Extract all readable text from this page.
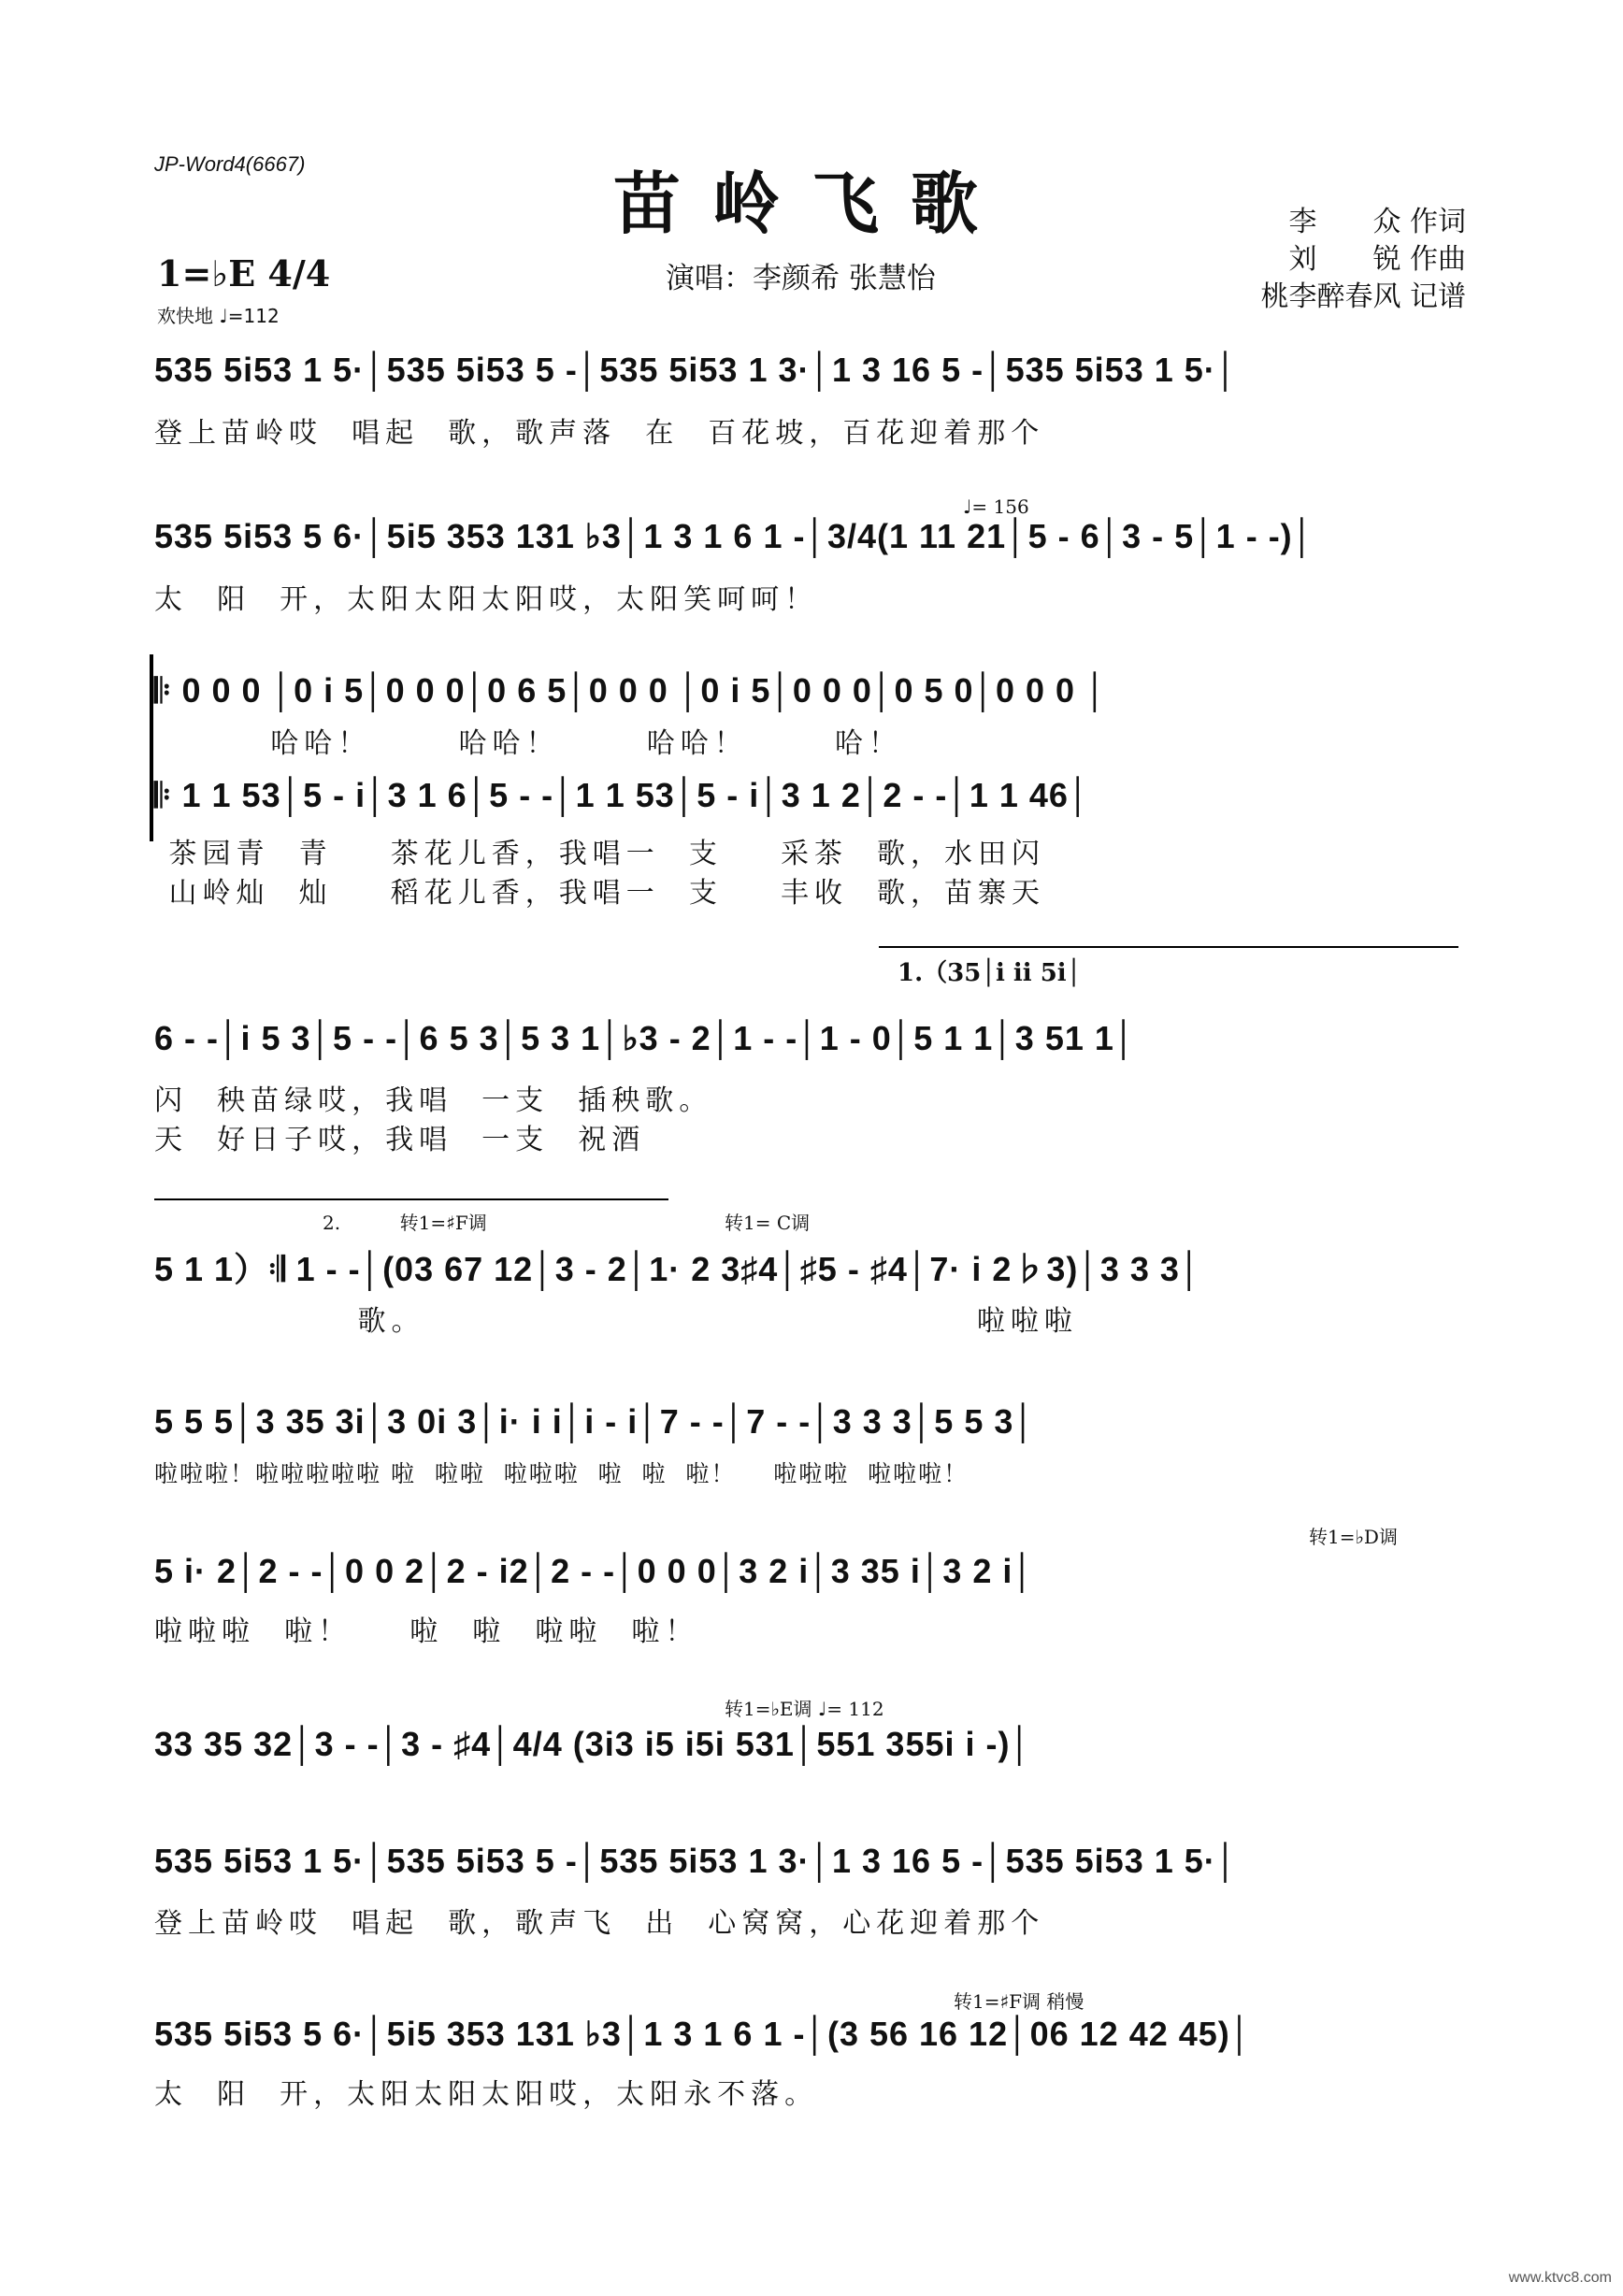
JP-Word4(6667)	苗岭飞歌	李　　众 作词
刘　　锐 作曲
桃李醉春风 记谱
演唱：李颜希 张慧怡
1=♭E 4/4
欢快地 ♩=112
535 5i53 1 5·│535 5i53 5 -│535 5i53 1 3·│1 3 16 5 -│535 5i53 1 5·│
登上苗岭哎  唱起  歌，歌声落  在  百花坡，百花迎着那个
♩= 156
535 5i53 5 6·│5i5 353 131 ♭3│1 3 1 6 1 -│3/4(1 11 21│5 - 6│3 - 5│1 - -)│
太  阳  开，太阳太阳太阳哎，太阳笑呵呵！
𝄆 0 0 0 │0 i 5│0 0 0│0 6 5│0 0 0 │0 i 5│0 0 0│0 5 0│0 0 0 │
哈哈！      哈哈！      哈哈！      哈！
𝄆 1 1 53│5 - i│3 1 6│5 - -│1 1 53│5 - i│3 1 2│2 - -│1 1 46│
茶园青  青    茶花儿香，我唱一  支    采茶  歌，水田闪
山岭灿  灿    稻花儿香，我唱一  支    丰收  歌，苗寨天
1.（35│i ii 5i│
6 - -│i 5 3│5 - -│6 5 3│5 3 1│♭3 - 2│1 - -│1 - 0│5 1 1│3 51 1│
闪  秧苗绿哎，我唱  一支  插秧歌。
天  好日子哎，我唱  一支  祝酒
2.          转1=♯F调                                        转1= C调
5 1 1）𝄇 1 - -│(03 67 12│3 - 2│1· 2 3♯4│♯5 - ♯4│7· i 2♭3)│3 3 3│
歌。                                      啦啦啦
5 5 5│3 35 3i│3 0i 3│i· i i│i - i│7 - -│7 - -│3 3 3│5 5 3│
啦啦啦！啦啦啦啦啦 啦  啦啦  啦啦啦  啦  啦  啦！    啦啦啦  啦啦啦！
转1=♭D调
5 i· 2│2 - -│0 0 2│2 - i2│2 - -│0 0 0│3 2 i│3 35 i│3 2 i│
啦啦啦  啦！    啦  啦  啦啦  啦！
转1=♭E调 ♩= 112
33 35 32│3 - -│3 - ♯4│4/4 (3i3 i5 i5i 531│551 355i i -)│
535 5i53 1 5·│535 5i53 5 -│535 5i53 1 3·│1 3 16 5 -│535 5i53 1 5·│
登上苗岭哎  唱起  歌，歌声飞  出  心窝窝，心花迎着那个
转1=♯F调 稍慢
535 5i53 5 6·│5i5 353 131 ♭3│1 3 1 6 1 -│(3 56 16 12│06 12 42 45)│
太  阳  开，太阳太阳太阳哎，太阳永不落。
www.ktvc8.com
